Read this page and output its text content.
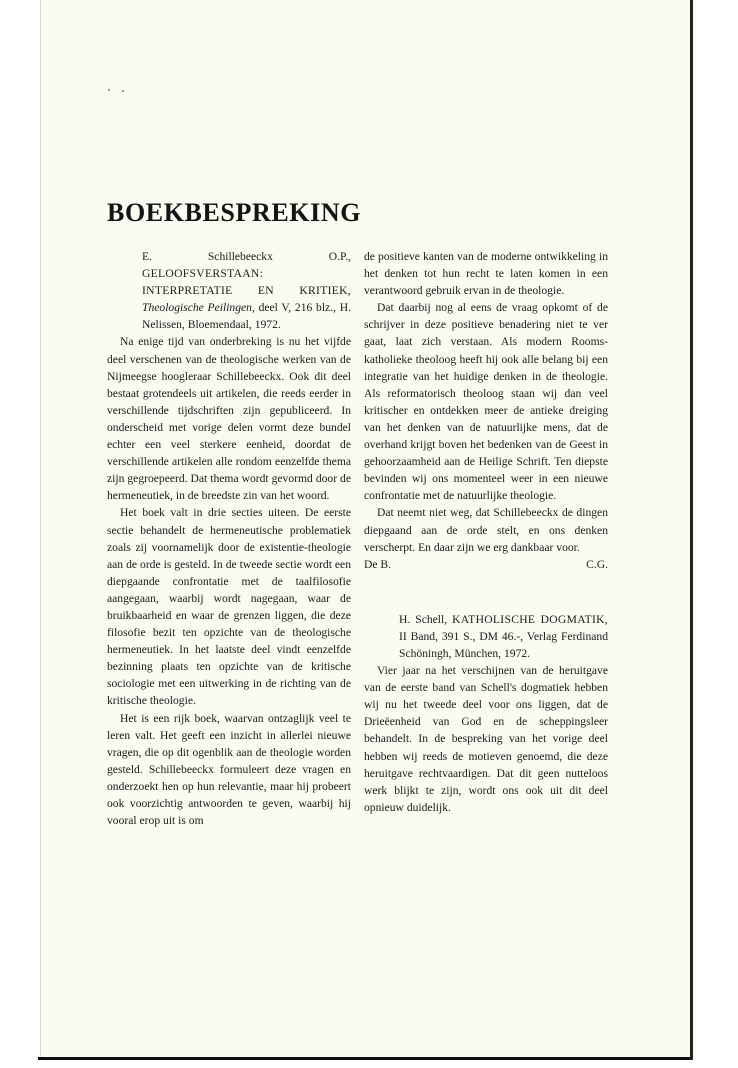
BOEKBESPREKING

E. Schillebeeckx O.P., GELOOFSVERSTAAN: INTERPRETATIE EN KRITIEK, Theologische Peilingen, deel V, 216 blz., H. Nelissen, Bloemendaal, 1972.

Na enige tijd van onderbreking is nu het vijfde deel verschenen van de theologische werken van de Nijmeegse hoogleraar Schillebeeckx. Ook dit deel bestaat grotendeels uit artikelen, die reeds eerder in verschillende tijdschriften zijn gepubliceerd. In onderscheid met vorige delen vormt deze bundel echter een veel sterkere eenheid, doordat de verschillende artikelen alle rondom eenzelfde thema zijn gegroepeerd. Dat thema wordt gevormd door de hermeneutiek, in de breedste zin van het woord.

Het boek valt in drie secties uiteen. De eerste sectie behandelt de hermeneutische problematiek zoals zij voornamelijk door de existentie-theologie aan de orde is gesteld. In de tweede sectie wordt een diepgaande confrontatie met de taalfilosofie aangegaan, waarbij wordt nagegaan, waar de bruikbaarheid en waar de grenzen liggen, die deze filosofie bezit ten opzichte van de theologische hermeneutiek. In het laatste deel vindt eenzelfde bezinning plaats ten opzichte van de kritische sociologie met een uitwerking in de richting van de kritische theologie.

Het is een rijk boek, waarvan ontzaglijk veel te leren valt. Het geeft een inzicht in allerlei nieuwe vragen, die op dit ogenblik aan de theologie worden gesteld. Schillebeeckx formuleert deze vragen en onderzoekt hen op hun relevantie, maar hij probeert ook voorzichtig antwoorden te geven, waarbij hij vooral erop uit is om

de positieve kanten van de moderne ontwikkeling in het denken tot hun recht te laten komen in een verantwoord gebruik ervan in de theologie.

Dat daarbij nog al eens de vraag opkomt of de schrijver in deze positieve benadering niet te ver gaat, laat zich verstaan. Als modern Rooms-katholieke theoloog heeft hij ook alle belang bij een integratie van het huidige denken in de theologie. Als reformatorisch theoloog staan wij dan veel kritischer en ontdekken meer de antieke dreiging van het denken van de natuurlijke mens, dat de overhand krijgt boven het bedenken van de Geest in gehoorzaamheid aan de Heilige Schrift. Ten diepste bevinden wij ons momenteel weer in een nieuwe confrontatie met de natuurlijke theologie.

Dat neemt niet weg, dat Schillebeeckx de dingen diepgaand aan de orde stelt, en ons denken verscherpt. En daar zijn we erg dankbaar voor.

De B.	C.G.

H. Schell, KATHOLISCHE DOGMATIK, II Band, 391 S., DM 46.-, Verlag Ferdinand Schöningh, München, 1972.

Vier jaar na het verschijnen van de heruitgave van de eerste band van Schell's dogmatiek hebben wij nu het tweede deel voor ons liggen, dat de Drieëenheid van God en de scheppingsleer behandelt. In de bespreking van het vorige deel hebben wij reeds de motieven genoemd, die deze heruitgave rechtvaardigen. Dat dit geen nutteloos werk blijkt te zijn, wordt ons ook uit dit deel opnieuw duidelijk.
